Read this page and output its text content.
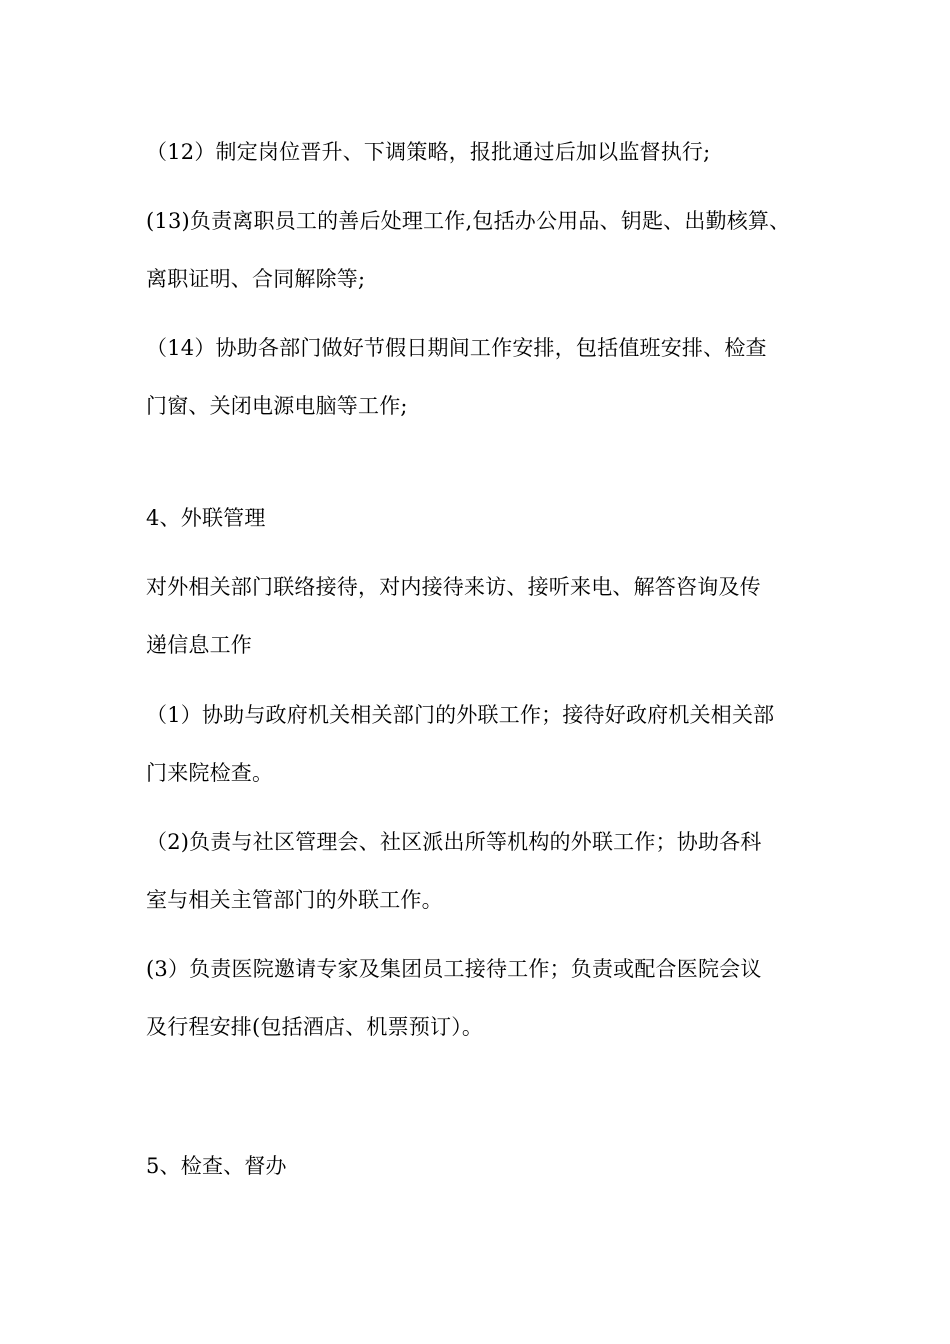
（12）制定岗位晋升、下调策略，报批通过后加以监督执行;
(13)负责离职员工的善后处理工作,包括办公用品、钥匙、出勤核算、
离职证明、合同解除等;
（14）协助各部门做好节假日期间工作安排，包括值班安排、检查
门窗、关闭电源电脑等工作;
4、外联管理
对外相关部门联络接待，对内接待来访、接听来电、解答咨询及传
递信息工作
（1）协助与政府机关相关部门的外联工作；接待好政府机关相关部
门来院检查。
（2)负责与社区管理会、社区派出所等机构的外联工作；协助各科
室与相关主管部门的外联工作。
(3）负责医院邀请专家及集团员工接待工作；负责或配合医院会议
及行程安排(包括酒店、机票预订）。
5、检查、督办
